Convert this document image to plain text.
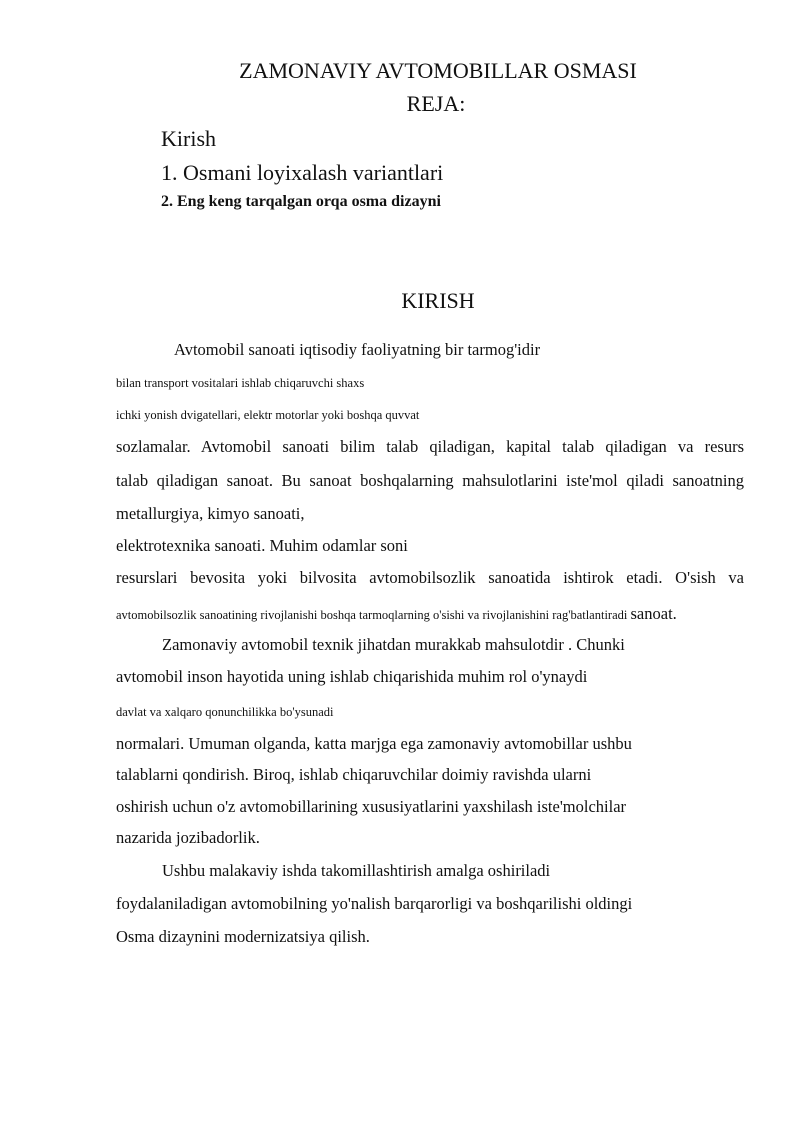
ZAMONAVIY AVTOMOBILLAR OSMASI
REJA:
Kirish
1. Osmani loyixalash variantlari
2. Eng keng tarqalgan orqa osma dizayni
KIRISH
Avtomobil sanoati iqtisodiy faoliyatning bir tarmog'idir
bilan transport vositalari ishlab chiqaruvchi shaxs
ichki yonish dvigatellari, elektr motorlar yoki boshqa quvvat
sozlamalar. Avtomobil sanoati bilim talab qiladigan, kapital talab qiladigan va resurs
talab qiladigan sanoat. Bu sanoat boshqalarning mahsulotlarini iste'mol qiladi sanoatning
metallurgiya, kimyo sanoati,
elektrotexnika sanoati. Muhim odamlar soni
resurslari bevosita yoki bilvosita avtomobilsozlik sanoatida ishtirok etadi. O'sish va
avtomobilsozlik sanoatining rivojlanishi boshqa tarmoqlarning o'sishi va rivojlanishini rag'batlantiradi sanoat.
Zamonaviy avtomobil texnik jihatdan murakkab mahsulotdir . Chunki
avtomobil inson hayotida uning ishlab chiqarishida muhim rol o'ynaydi
davlat va xalqaro qonunchilikka bo'ysunadi
normalari. Umuman olganda, katta marjga ega zamonaviy avtomobillar ushbu
talablarni qondirish. Biroq, ishlab chiqaruvchilar doimiy ravishda ularni
oshirish uchun o'z avtomobillarining xususiyatlarini yaxshilash iste'molchilar
nazarida jozibadorlik.
Ushbu malakaviy ishda takomillashtirish amalga oshiriladi
foydalaniladigan avtomobilning yo'nalish barqarorligi va boshqarilishi oldingi
Osma dizaynini modernizatsiya qilish.
